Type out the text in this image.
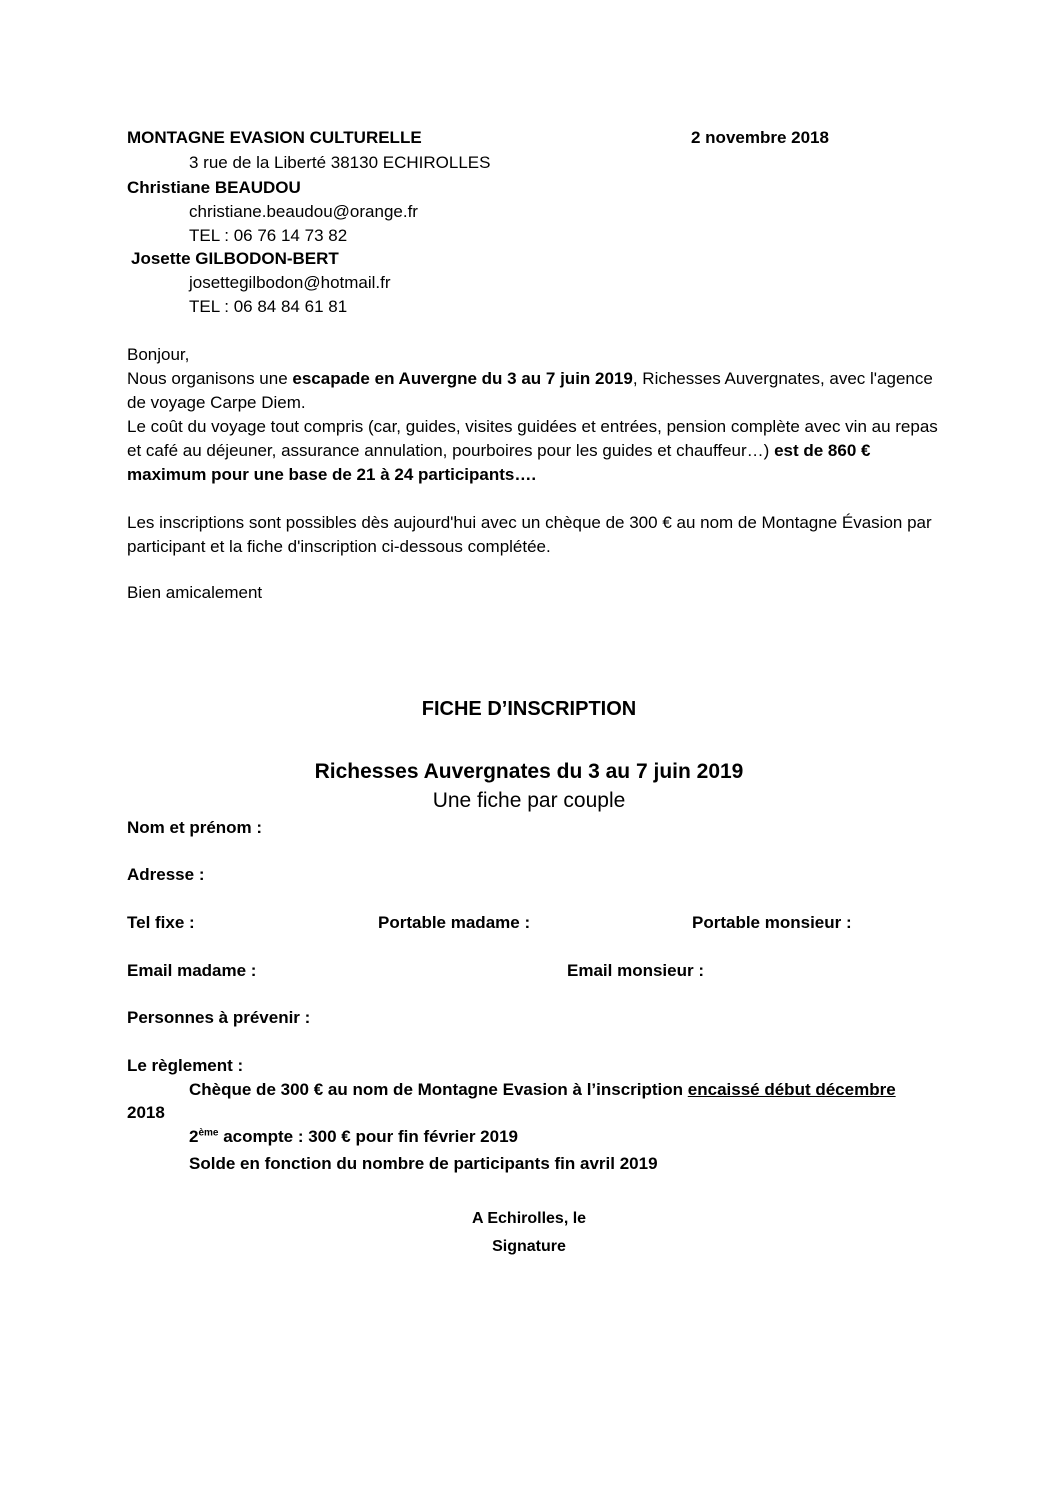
MONTAGNE EVASION CULTURELLE	2 novembre 2018
3 rue de la Liberté 38130 ECHIROLLES
Christiane BEAUDOU
christiane.beaudou@orange.fr
TEL : 06 76 14 73 82
Josette GILBODON-BERT
josettegilbodon@hotmail.fr
TEL : 06 84 84 61 81
Bonjour,
Nous organisons une escapade en Auvergne du 3 au 7 juin 2019, Richesses Auvergnates, avec l'agence de voyage Carpe Diem.
Le coût du voyage tout compris (car, guides, visites guidées et entrées, pension complète avec vin au repas et café au déjeuner, assurance annulation, pourboires pour les guides et chauffeur…) est de 860 € maximum pour une base de 21 à 24 participants….
Les inscriptions sont possibles dès aujourd'hui avec un chèque de 300 € au nom de Montagne Évasion par participant et la fiche d'inscription ci-dessous complétée.
Bien amicalement
FICHE D’INSCRIPTION
Richesses Auvergnates du 3 au 7 juin 2019
Une fiche par couple
Nom et prénom :
Adresse :
Tel fixe :	Portable madame :	Portable monsieur :
Email madame :	Email monsieur :
Personnes à prévenir :
Le règlement :
Chèque de 300 € au nom de Montagne Evasion à l’inscription encaissé début décembre
2018
2ème acompte : 300 € pour fin février 2019
Solde en fonction du nombre de participants fin avril 2019
A Echirolles, le
Signature
